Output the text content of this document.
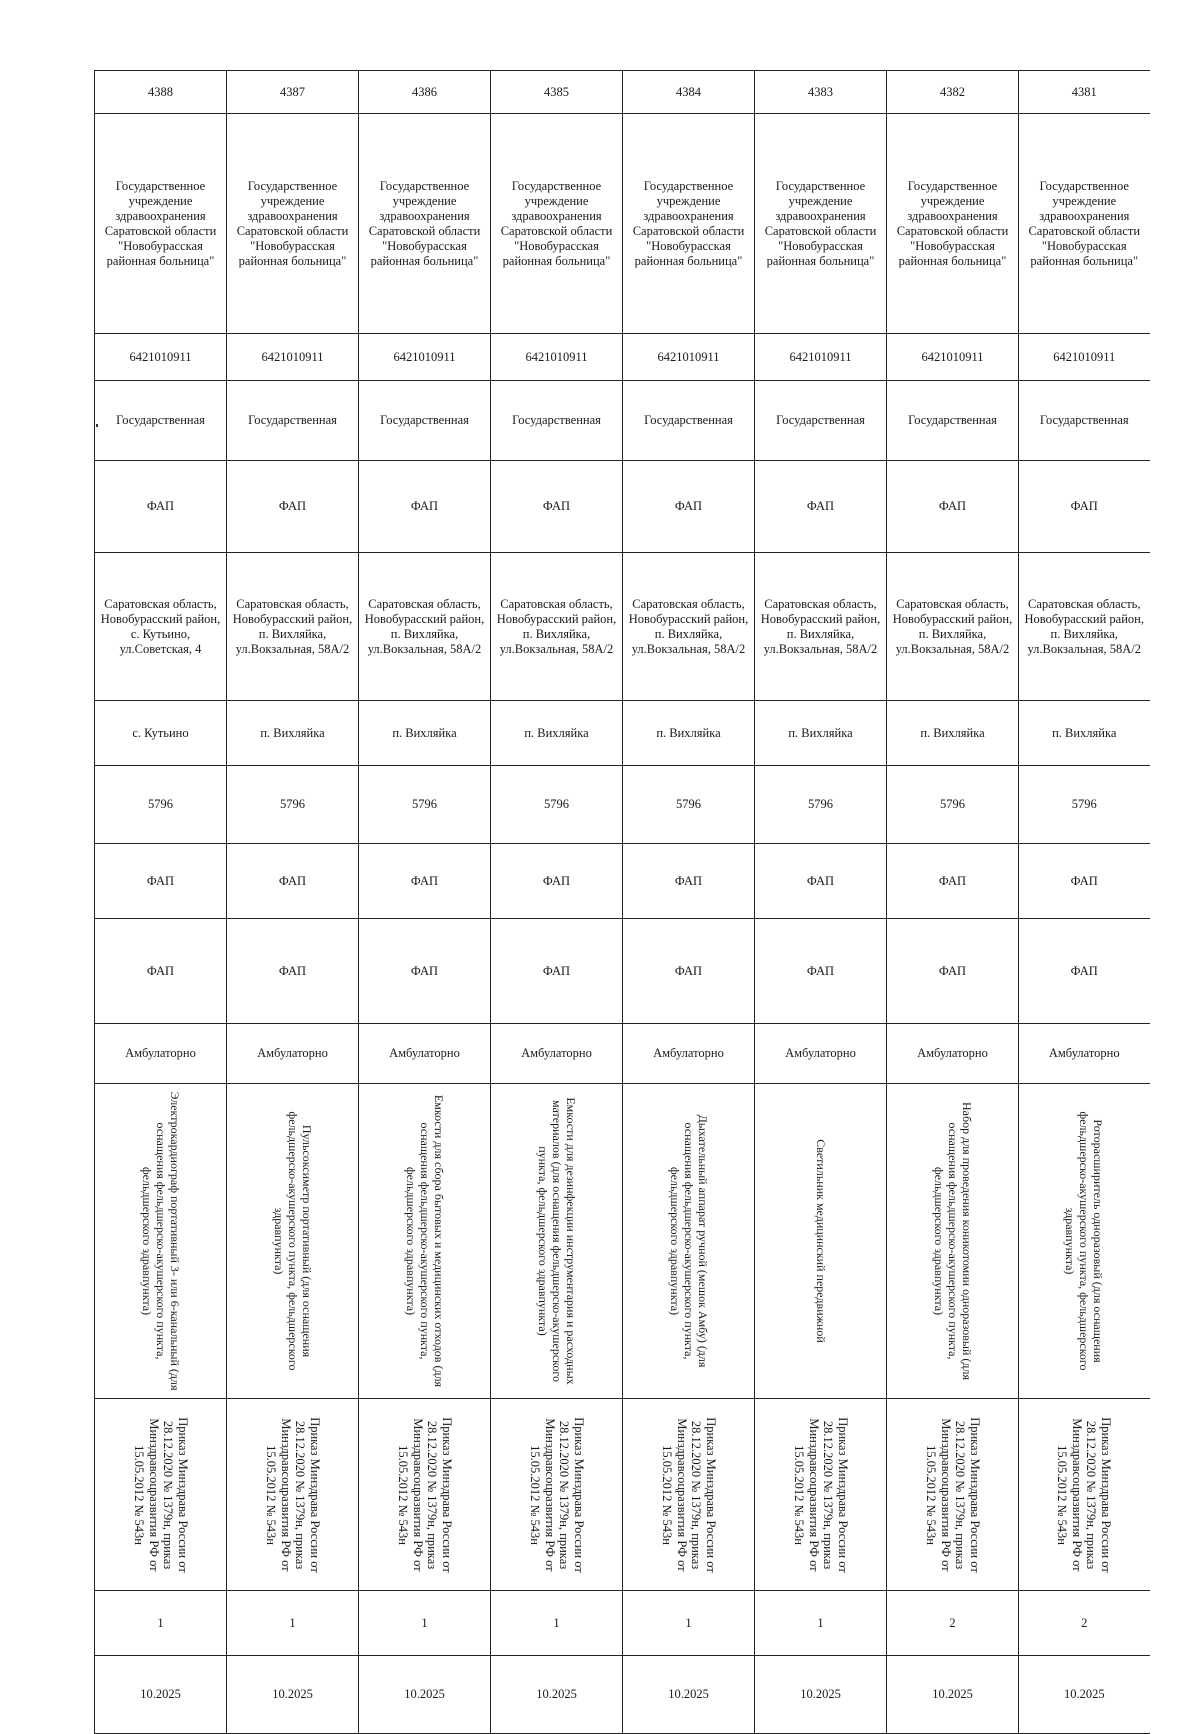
4388	4387	4386	4385	4384	4383	4382	4381
Государственное учреждение здравоохранения Саратовской области "Новобурасская районная больница"	Государственное учреждение здравоохранения Саратовской области "Новобурасская районная больница"	Государственное учреждение здравоохранения Саратовской области "Новобурасская районная больница"	Государственное учреждение здравоохранения Саратовской области "Новобурасская районная больница"	Государственное учреждение здравоохранения Саратовской области "Новобурасская районная больница"	Государственное учреждение здравоохранения Саратовской области "Новобурасская районная больница"	Государственное учреждение здравоохранения Саратовской области "Новобурасская районная больница"	Государственное учреждение здравоохранения Саратовской области "Новобурасская районная больница"
6421010911	6421010911	6421010911	6421010911	6421010911	6421010911	6421010911	6421010911
Государственная	Государственная	Государственная	Государственная	Государственная	Государственная	Государственная	Государственная
ФАП	ФАП	ФАП	ФАП	ФАП	ФАП	ФАП	ФАП
Саратовская область, Новобурасский район, с. Кутьино, ул.Советская, 4	Саратовская область, Новобурасский район, п. Вихляйка, ул.Вокзальная, 58А/2	Саратовская область, Новобурасский район, п. Вихляйка, ул.Вокзальная, 58А/2	Саратовская область, Новобурасский район, п. Вихляйка, ул.Вокзальная, 58А/2	Саратовская область, Новобурасский район, п. Вихляйка, ул.Вокзальная, 58А/2	Саратовская область, Новобурасский район, п. Вихляйка, ул.Вокзальная, 58А/2	Саратовская область, Новобурасский район, п. Вихляйка, ул.Вокзальная, 58А/2	Саратовская область, Новобурасский район, п. Вихляйка, ул.Вокзальная, 58А/2
с. Кутьино	п. Вихляйка	п. Вихляйка	п. Вихляйка	п. Вихляйка	п. Вихляйка	п. Вихляйка	п. Вихляйка
5796	5796	5796	5796	5796	5796	5796	5796
ФАП	ФАП	ФАП	ФАП	ФАП	ФАП	ФАП	ФАП
ФАП	ФАП	ФАП	ФАП	ФАП	ФАП	ФАП	ФАП
Амбулаторно	Амбулаторно	Амбулаторно	Амбулаторно	Амбулаторно	Амбулаторно	Амбулаторно	Амбулаторно

Электрокардиограф портативный 3- или 6-канальный (для оснащения фельдшерско-акушерского пункта, фельдшерского здравпункта)	Пульсоксиметр портативный (для оснащения фельдшерско-акушерского пункта, фельдшерского здравпункта)	Емкости для сбора бытовых и медицинских отходов (для оснащения фельдшерско-акушерского пункта, фельдшерского здравпункта)	Емкости для дезинфекции инструментария и расходных материалов (для оснащения фельдшерско-акушерского пункта, фельдшерского здравпункта)	Дыхательный аппарат ручной (мешок Амбу) (для оснащения фельдшерско-акушерского пункта, фельдшерского здравпункта)	Светильник медицинский передвижной	Набор для проведения коникотомии одноразовый (для оснащения фельдшерско-акушерского пункта, фельдшерского здравпункта)	Роторасширитель одноразовый (для оснащения фельдшерско-акушерского пункта, фельдшерского здравпункта)

Приказ Минздрава России от 28.12.2020 № 1379н, приказ Минздравсоцразвития РФ от 15.05.2012 № 543н	Приказ Минздрава России от 28.12.2020 № 1379н, приказ Минздравсоцразвития РФ от 15.05.2012 № 543н	Приказ Минздрава России от 28.12.2020 № 1379н, приказ Минздравсоцразвития РФ от 15.05.2012 № 543н	Приказ Минздрава России от 28.12.2020 № 1379н, приказ Минздравсоцразвития РФ от 15.05.2012 № 543н	Приказ Минздрава России от 28.12.2020 № 1379н, приказ Минздравсоцразвития РФ от 15.05.2012 № 543н	Приказ Минздрава России от 28.12.2020 № 1379н, приказ Минздравсоцразвития РФ от 15.05.2012 № 543н	Приказ Минздрава России от 28.12.2020 № 1379н, приказ Минздравсоцразвития РФ от 15.05.2012 № 543н	Приказ Минздрава России от 28.12.2020 № 1379н, приказ Минздравсоцразвития РФ от 15.05.2012 № 543н

1	1	1	1	1	1	2	2
10.2025	10.2025	10.2025	10.2025	10.2025	10.2025	10.2025	10.2025
